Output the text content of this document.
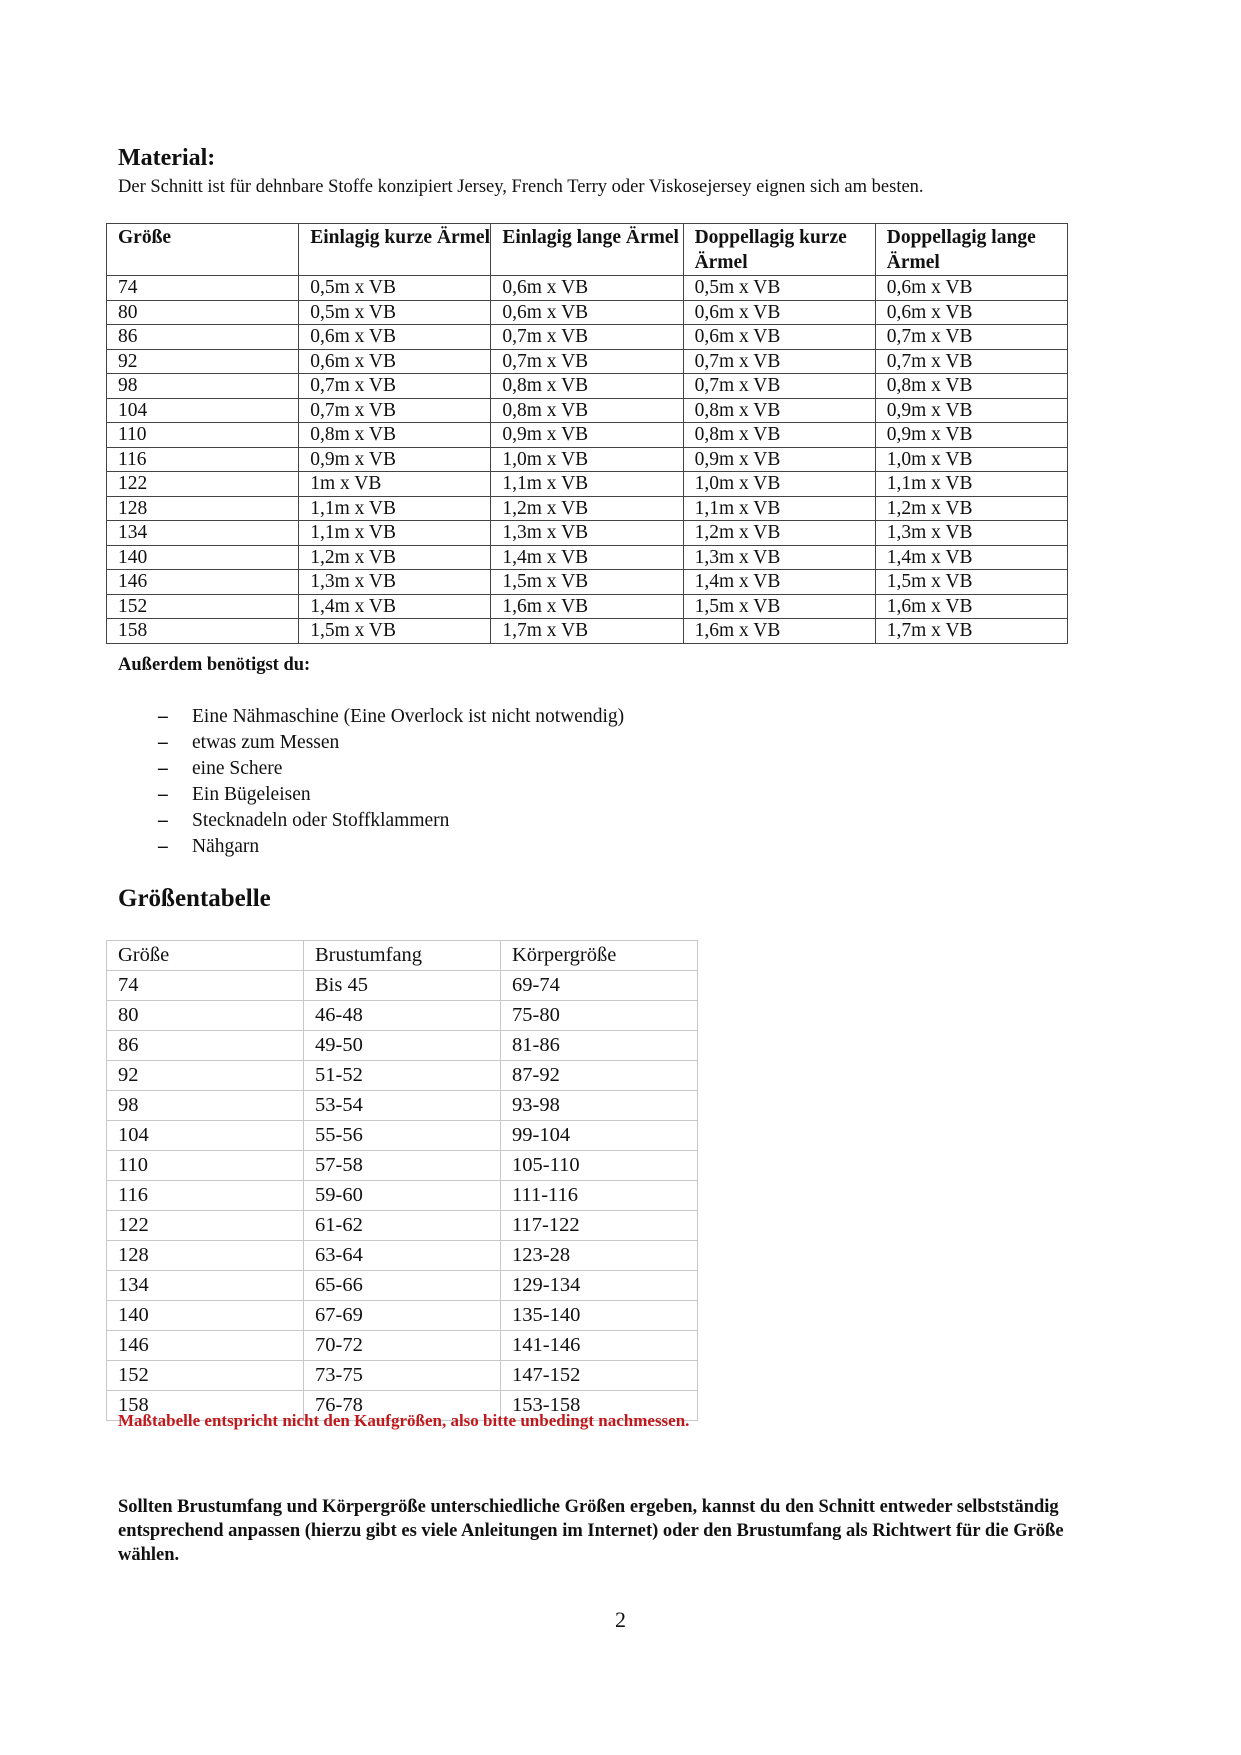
Material:

Der Schnitt ist für dehnbare Stoffe konzipiert Jersey, French Terry oder Viskosejersey eignen sich am besten.

Größe	Einlagig kurze Ärmel	Einlagig lange Ärmel	Doppellagig kurze Ärmel	Doppellagig lange Ärmel
74	0,5m x VB	0,6m x VB	0,5m x VB	0,6m x VB
80	0,5m x VB	0,6m x VB	0,6m x VB	0,6m x VB
86	0,6m x VB	0,7m x VB	0,6m x VB	0,7m x VB
92	0,6m x VB	0,7m x VB	0,7m x VB	0,7m x VB
98	0,7m x VB	0,8m x VB	0,7m x VB	0,8m x VB
104	0,7m x VB	0,8m x VB	0,8m x VB	0,9m x VB
110	0,8m x VB	0,9m x VB	0,8m x VB	0,9m x VB
116	0,9m x VB	1,0m x VB	0,9m x VB	1,0m x VB
122	1m x VB	1,1m x VB	1,0m x VB	1,1m x VB
128	1,1m x VB	1,2m x VB	1,1m x VB	1,2m x VB
134	1,1m x VB	1,3m x VB	1,2m x VB	1,3m x VB
140	1,2m x VB	1,4m x VB	1,3m x VB	1,4m x VB
146	1,3m x VB	1,5m x VB	1,4m x VB	1,5m x VB
152	1,4m x VB	1,6m x VB	1,5m x VB	1,6m x VB
158	1,5m x VB	1,7m x VB	1,6m x VB	1,7m x VB

Außerdem benötigst du:

– Eine Nähmaschine (Eine Overlock ist nicht notwendig)
– etwas zum Messen
– eine Schere
– Ein Bügeleisen
– Stecknadeln oder Stoffklammern
– Nähgarn
Größentabelle
Größe	Brustumfang	Körpergröße
74	Bis 45	69-74
80	46-48	75-80
86	49-50	81-86
92	51-52	87-92
98	53-54	93-98
104	55-56	99-104
110	57-58	105-110
116	59-60	111-116
122	61-62	117-122
128	63-64	123-28
134	65-66	129-134
140	67-69	135-140
146	70-72	141-146
152	73-75	147-152
158	76-78	153-158

Maßtabelle entspricht nicht den Kaufgrößen, also bitte unbedingt nachmessen.

Sollten Brustumfang und Körpergröße unterschiedliche Größen ergeben, kannst du den Schnitt entweder selbstständig entsprechend anpassen (hierzu gibt es viele Anleitungen im Internet) oder den Brustumfang als Richtwert für die Größe wählen.

2
